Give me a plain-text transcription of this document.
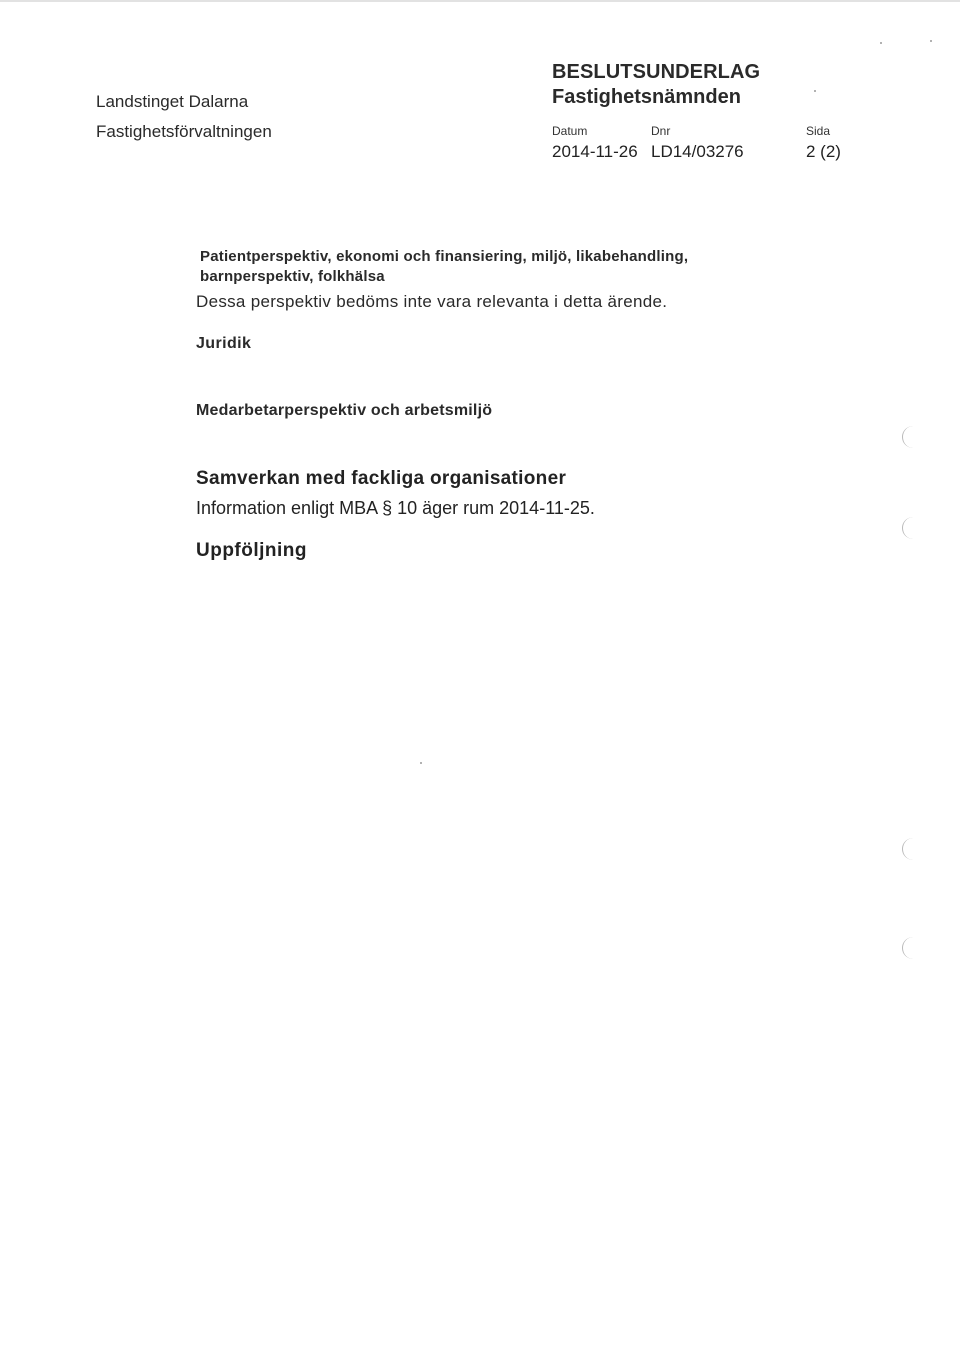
Landstinget Dalarna
Fastighetsförvaltningen
BESLUTSUNDERLAG
Fastighetsnämnden
Datum	Dnr	Sida
2014-11-26 LD14/03276	2 (2)
Patientperspektiv, ekonomi och finansiering, miljö, likabehandling,
barnperspektiv, folkhälsa
Dessa perspektiv bedöms inte vara relevanta i detta ärende.
Juridik
Medarbetarperspektiv och arbetsmiljö
Samverkan med fackliga organisationer
Information enligt MBA § 10 äger rum 2014-11-25.
Uppföljning
